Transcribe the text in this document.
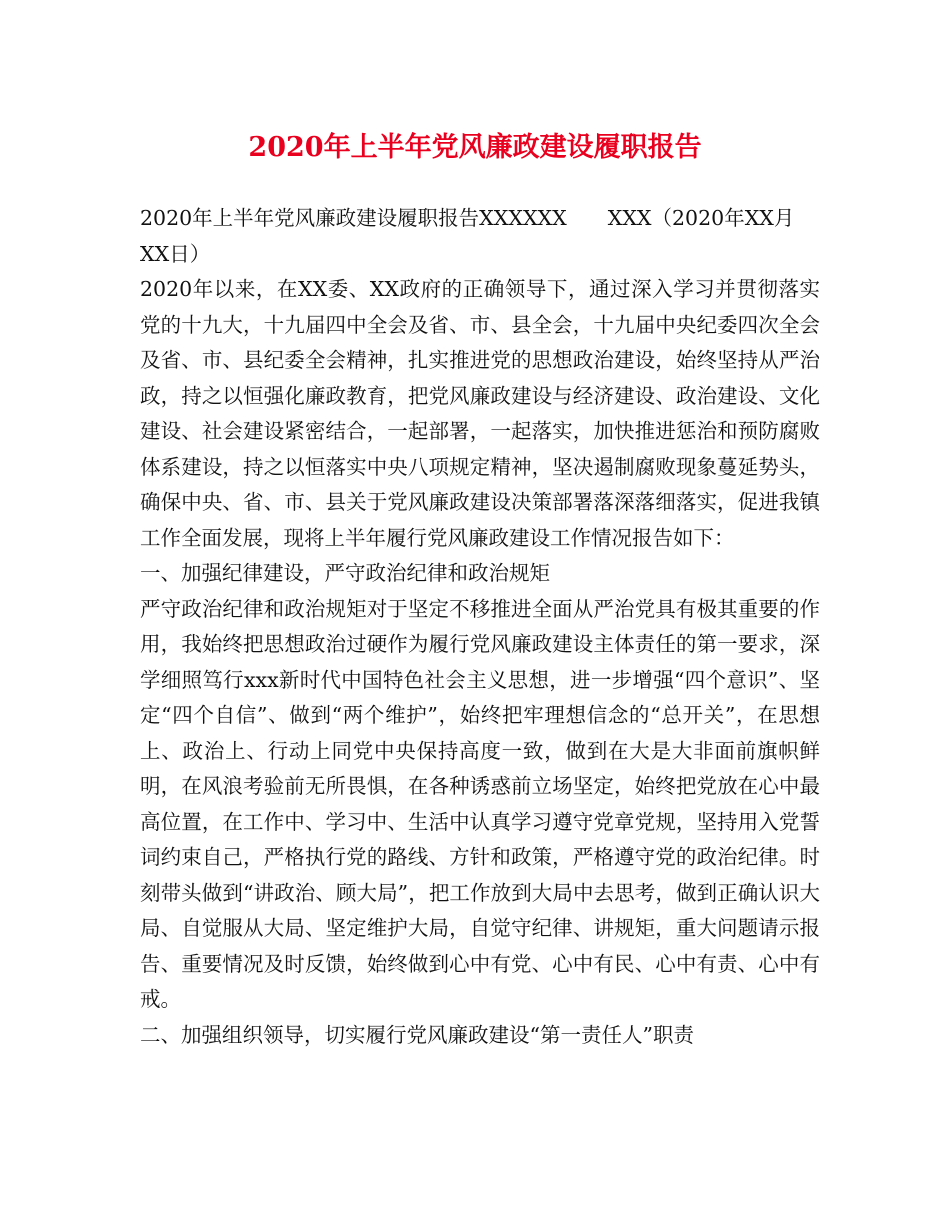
2020年上半年党风廉政建设履职报告

2020年上半年党风廉政建设履职报告XXXXXX　　XXX（2020年XX月XX日）

2020年以来，在XX委、XX政府的正确领导下，通过深入学习并贯彻落实党的十九大，十九届四中全会及省、市、县全会，十九届中央纪委四次全会及省、市、县纪委全会精神，扎实推进党的思想政治建设，始终坚持从严治政，持之以恒强化廉政教育，把党风廉政建设与经济建设、政治建设、文化建设、社会建设紧密结合，一起部署，一起落实，加快推进惩治和预防腐败体系建设，持之以恒落实中央八项规定精神，坚决遏制腐败现象蔓延势头，确保中央、省、市、县关于党风廉政建设决策部署落深落细落实，促进我镇工作全面发展，现将上半年履行党风廉政建设工作情况报告如下：

一、加强纪律建设，严守政治纪律和政治规矩

严守政治纪律和政治规矩对于坚定不移推进全面从严治党具有极其重要的作用，我始终把思想政治过硬作为履行党风廉政建设主体责任的第一要求，深学细照笃行xxx新时代中国特色社会主义思想，进一步增强“四个意识”、坚定“四个自信”、做到“两个维护”，始终把牢理想信念的“总开关”，在思想上、政治上、行动上同党中央保持高度一致，做到在大是大非面前旗帜鲜明，在风浪考验前无所畏惧，在各种诱惑前立场坚定，始终把党放在心中最高位置，在工作中、学习中、生活中认真学习遵守党章党规，坚持用入党誓词约束自己，严格执行党的路线、方针和政策，严格遵守党的政治纪律。时刻带头做到“讲政治、顾大局”，把工作放到大局中去思考，做到正确认识大局、自觉服从大局、坚定维护大局，自觉守纪律、讲规矩，重大问题请示报告、重要情况及时反馈，始终做到心中有党、心中有民、心中有责、心中有戒。

二、加强组织领导，切实履行党风廉政建设“第一责任人”职责
